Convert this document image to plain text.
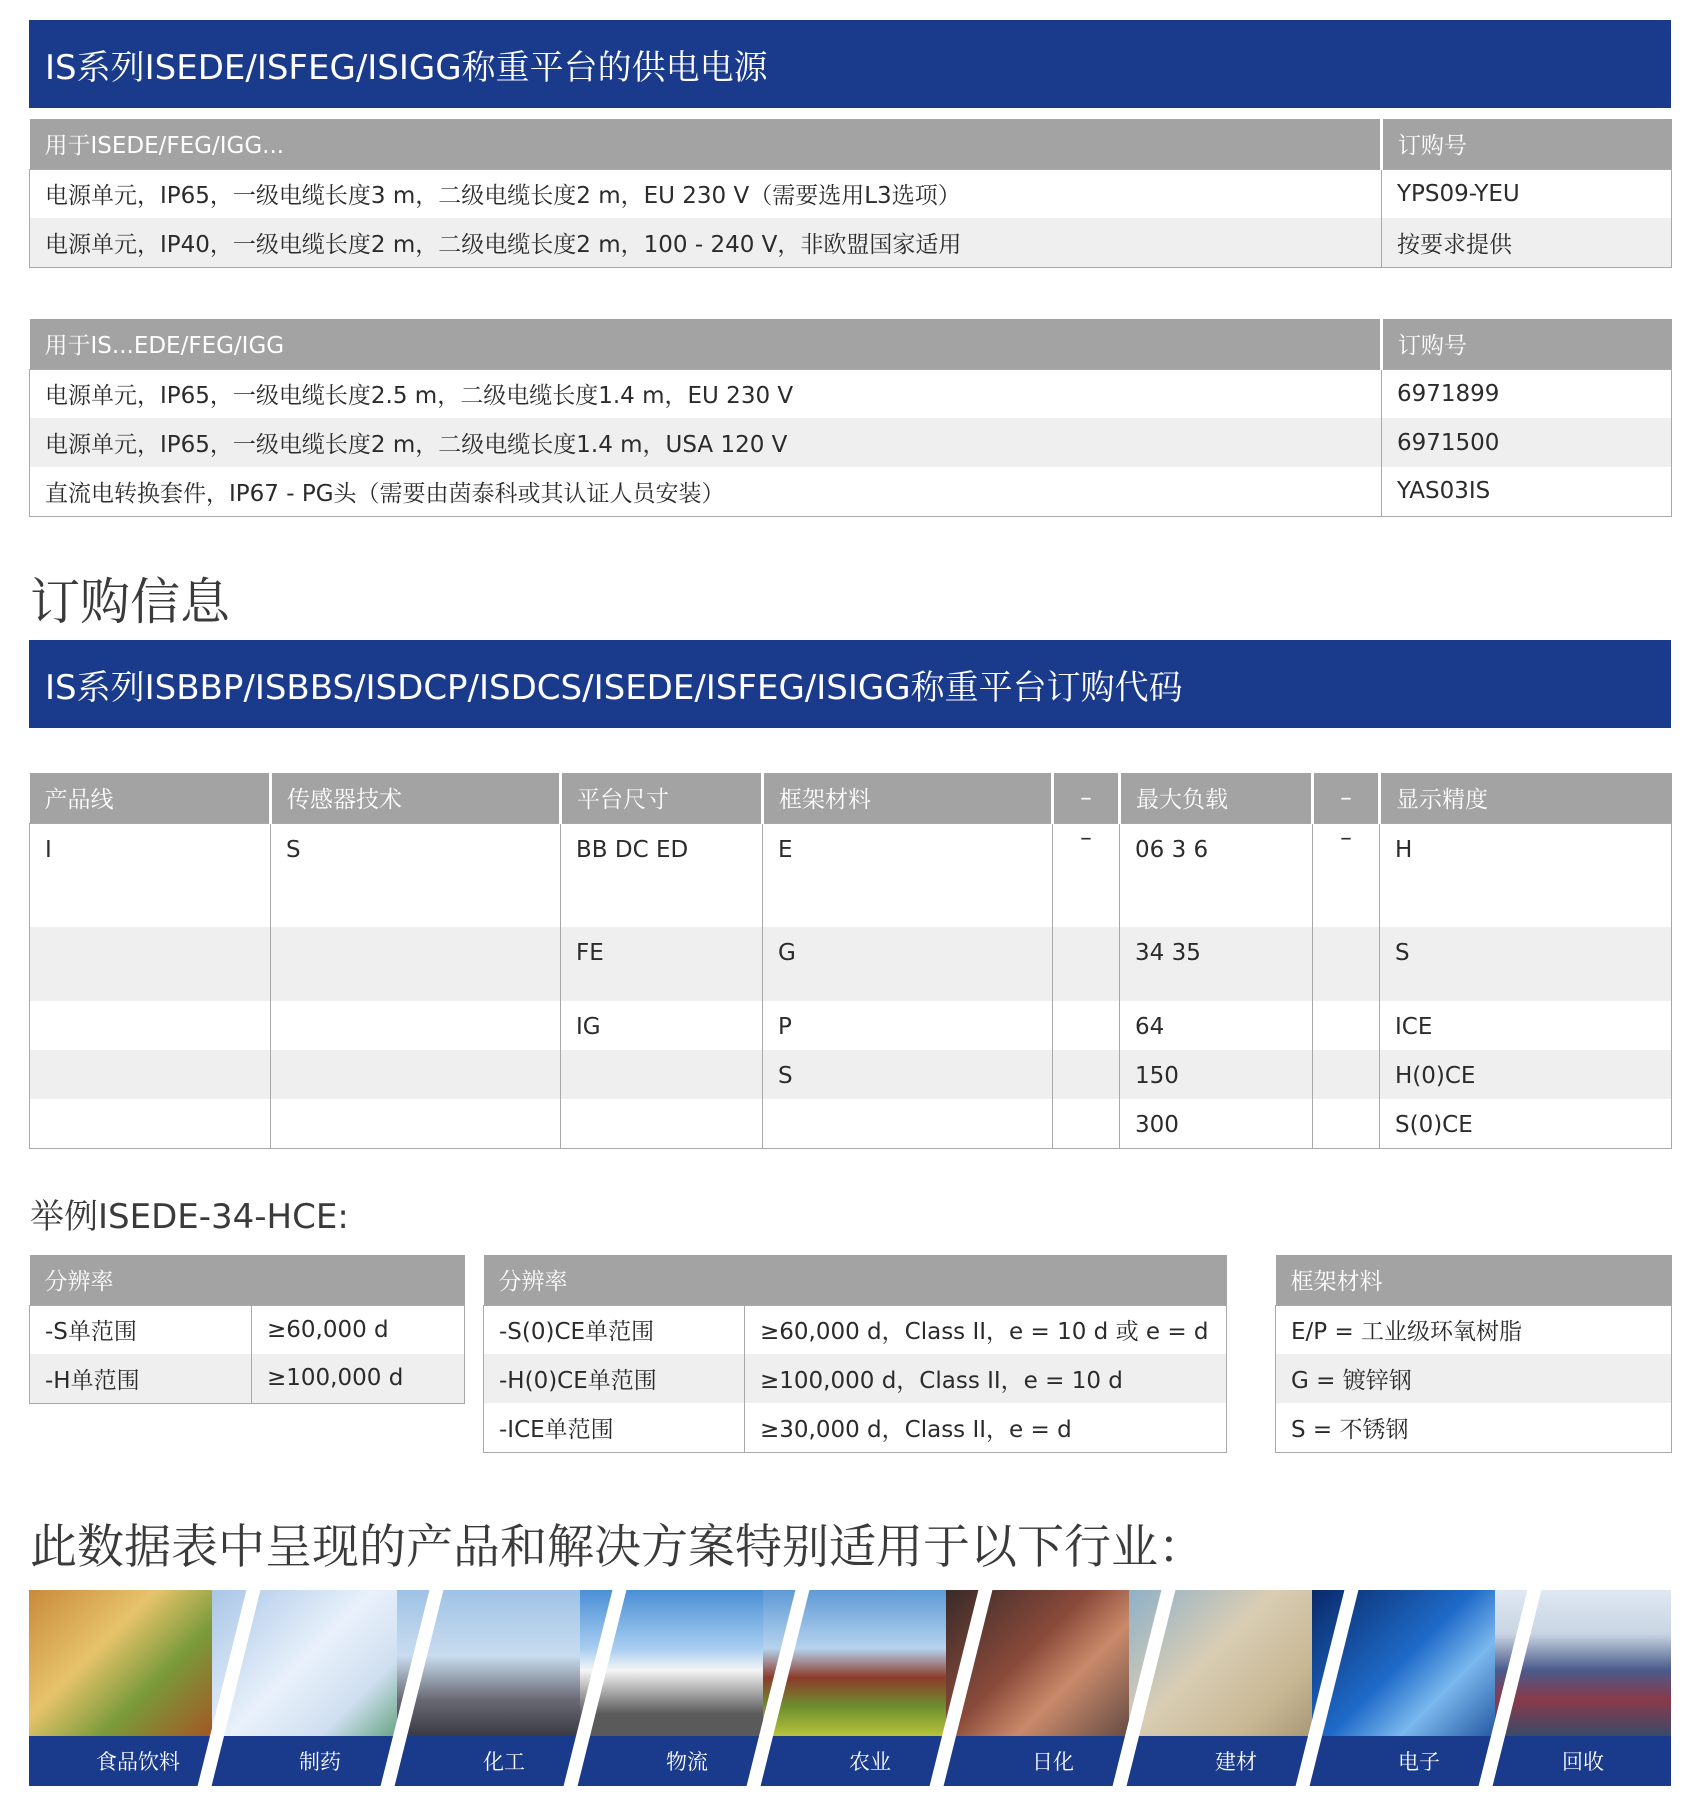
IS系列ISEDE/ISFEG/ISIGG称重平台的供电电源
用于ISEDE/FEG/IGG...	订购号
电源单元，IP65，一级电缆长度3 m，二级电缆长度2 m，EU 230 V（需要选用L3选项）	YPS09-YEU
电源单元，IP40，一级电缆长度2 m，二级电缆长度2 m，100 - 240 V，非欧盟国家适用	按要求提供
用于IS...EDE/FEG/IGG	订购号
电源单元，IP65，一级电缆长度2.5 m，二级电缆长度1.4 m，EU 230 V	6971899
电源单元，IP65，一级电缆长度2 m，二级电缆长度1.4 m，USA 120 V	6971500
直流电转换套件，IP67 - PG头（需要由茵泰科或其认证人员安装）	YAS03IS
订购信息
IS系列ISBBP/ISBBS/ISDCP/ISDCS/ISEDE/ISFEG/ISIGG称重平台订购代码
产品线	传感器技术	平台尺寸	框架材料	–	最大负载	–	显示精度
I	S	BB DC ED	E	–	06 3 6	–	H
		FE	G		34 35		S
		IG	P		64		ICE
			S		150		H(0)CE
					300		S(0)CE
举例ISEDE-34-HCE:
分辨率	
-S单范围	≥60,000 d
-H单范围	≥100,000 d
分辨率	
-S(0)CE单范围	≥60,000 d，Class II，e = 10 d 或 e = d
-H(0)CE单范围	≥100,000 d，Class II，e = 10 d
-ICE单范围	≥30,000 d，Class II，e = d
框架材料
E/P = 工业级环氧树脂
G = 镀锌钢
S = 不锈钢
此数据表中呈现的产品和解决方案特别适用于以下行业：
食品饮料	制药	化工	物流	农业	日化	建材	电子	回收
